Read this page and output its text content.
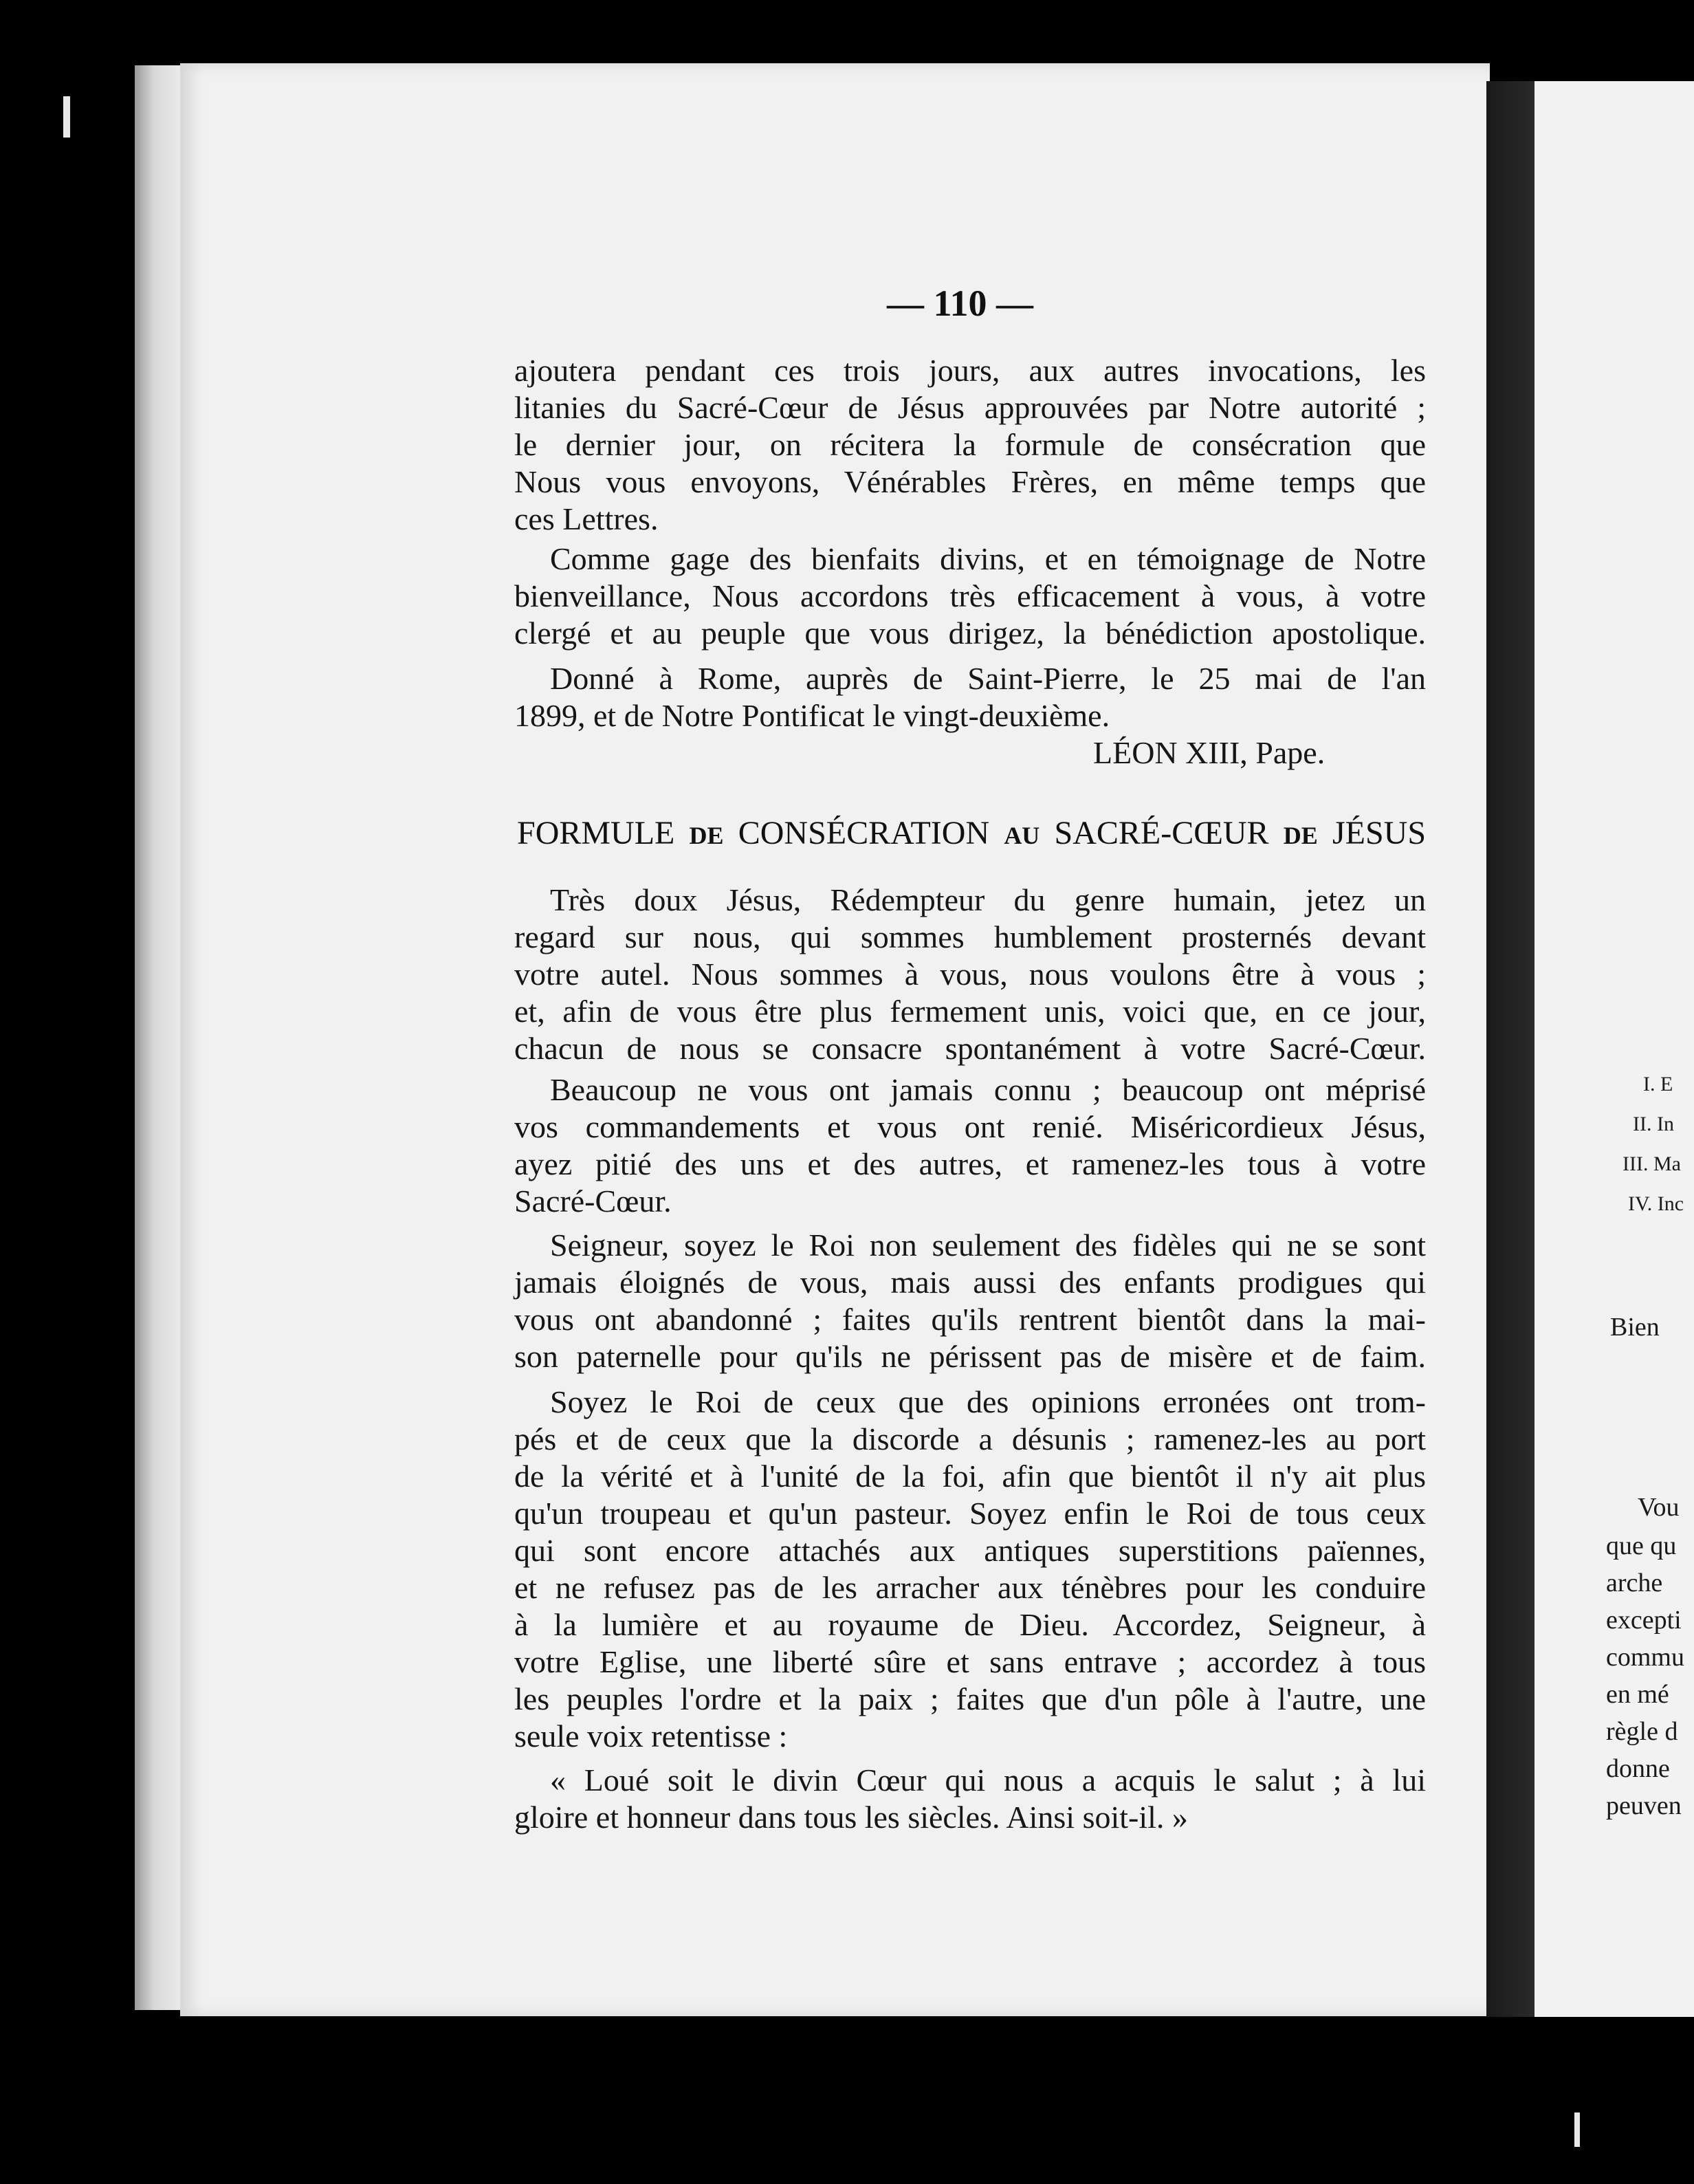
I. E
II. In
III. Ma
IV. Inc
Bien
Vou
que qu
arche
excepti
commu
en mé
règle d
donne
peuven
— 110 —
ajoutera pendant ces trois jours, aux autres invocations, les
litanies du Sacré-Cœur de Jésus approuvées par Notre autorité ;
le dernier jour, on récitera la formule de consécration que
Nous vous envoyons, Vénérables Frères, en même temps que
ces Lettres.
Comme gage des bienfaits divins, et en témoignage de Notre
bienveillance, Nous accordons très efficacement à vous, à votre
clergé et au peuple que vous dirigez, la bénédiction apostolique.
Donné à Rome, auprès de Saint-Pierre, le 25 mai de l'an
1899, et de Notre Pontificat le vingt-deuxième.
LÉON XIII, Pape.
FORMULE DE CONSÉCRATION AU SACRÉ-CŒUR DE JÉSUS
Très doux Jésus, Rédempteur du genre humain, jetez un
regard sur nous, qui sommes humblement prosternés devant
votre autel. Nous sommes à vous, nous voulons être à vous ;
et, afin de vous être plus fermement unis, voici que, en ce jour,
chacun de nous se consacre spontanément à votre Sacré-Cœur.
Beaucoup ne vous ont jamais connu ; beaucoup ont méprisé
vos commandements et vous ont renié. Miséricordieux Jésus,
ayez pitié des uns et des autres, et ramenez-les tous à votre
Sacré-Cœur.
Seigneur, soyez le Roi non seulement des fidèles qui ne se sont
jamais éloignés de vous, mais aussi des enfants prodigues qui
vous ont abandonné ; faites qu'ils rentrent bientôt dans la mai-
son paternelle pour qu'ils ne périssent pas de misère et de faim.
Soyez le Roi de ceux que des opinions erronées ont trom-
pés et de ceux que la discorde a désunis ; ramenez-les au port
de la vérité et à l'unité de la foi, afin que bientôt il n'y ait plus
qu'un troupeau et qu'un pasteur. Soyez enfin le Roi de tous ceux
qui sont encore attachés aux antiques superstitions païennes,
et ne refusez pas de les arracher aux ténèbres pour les conduire
à la lumière et au royaume de Dieu. Accordez, Seigneur, à
votre Eglise, une liberté sûre et sans entrave ; accordez à tous
les peuples l'ordre et la paix ; faites que d'un pôle à l'autre, une
seule voix retentisse :
« Loué soit le divin Cœur qui nous a acquis le salut ; à lui
gloire et honneur dans tous les siècles. Ainsi soit-il. »
